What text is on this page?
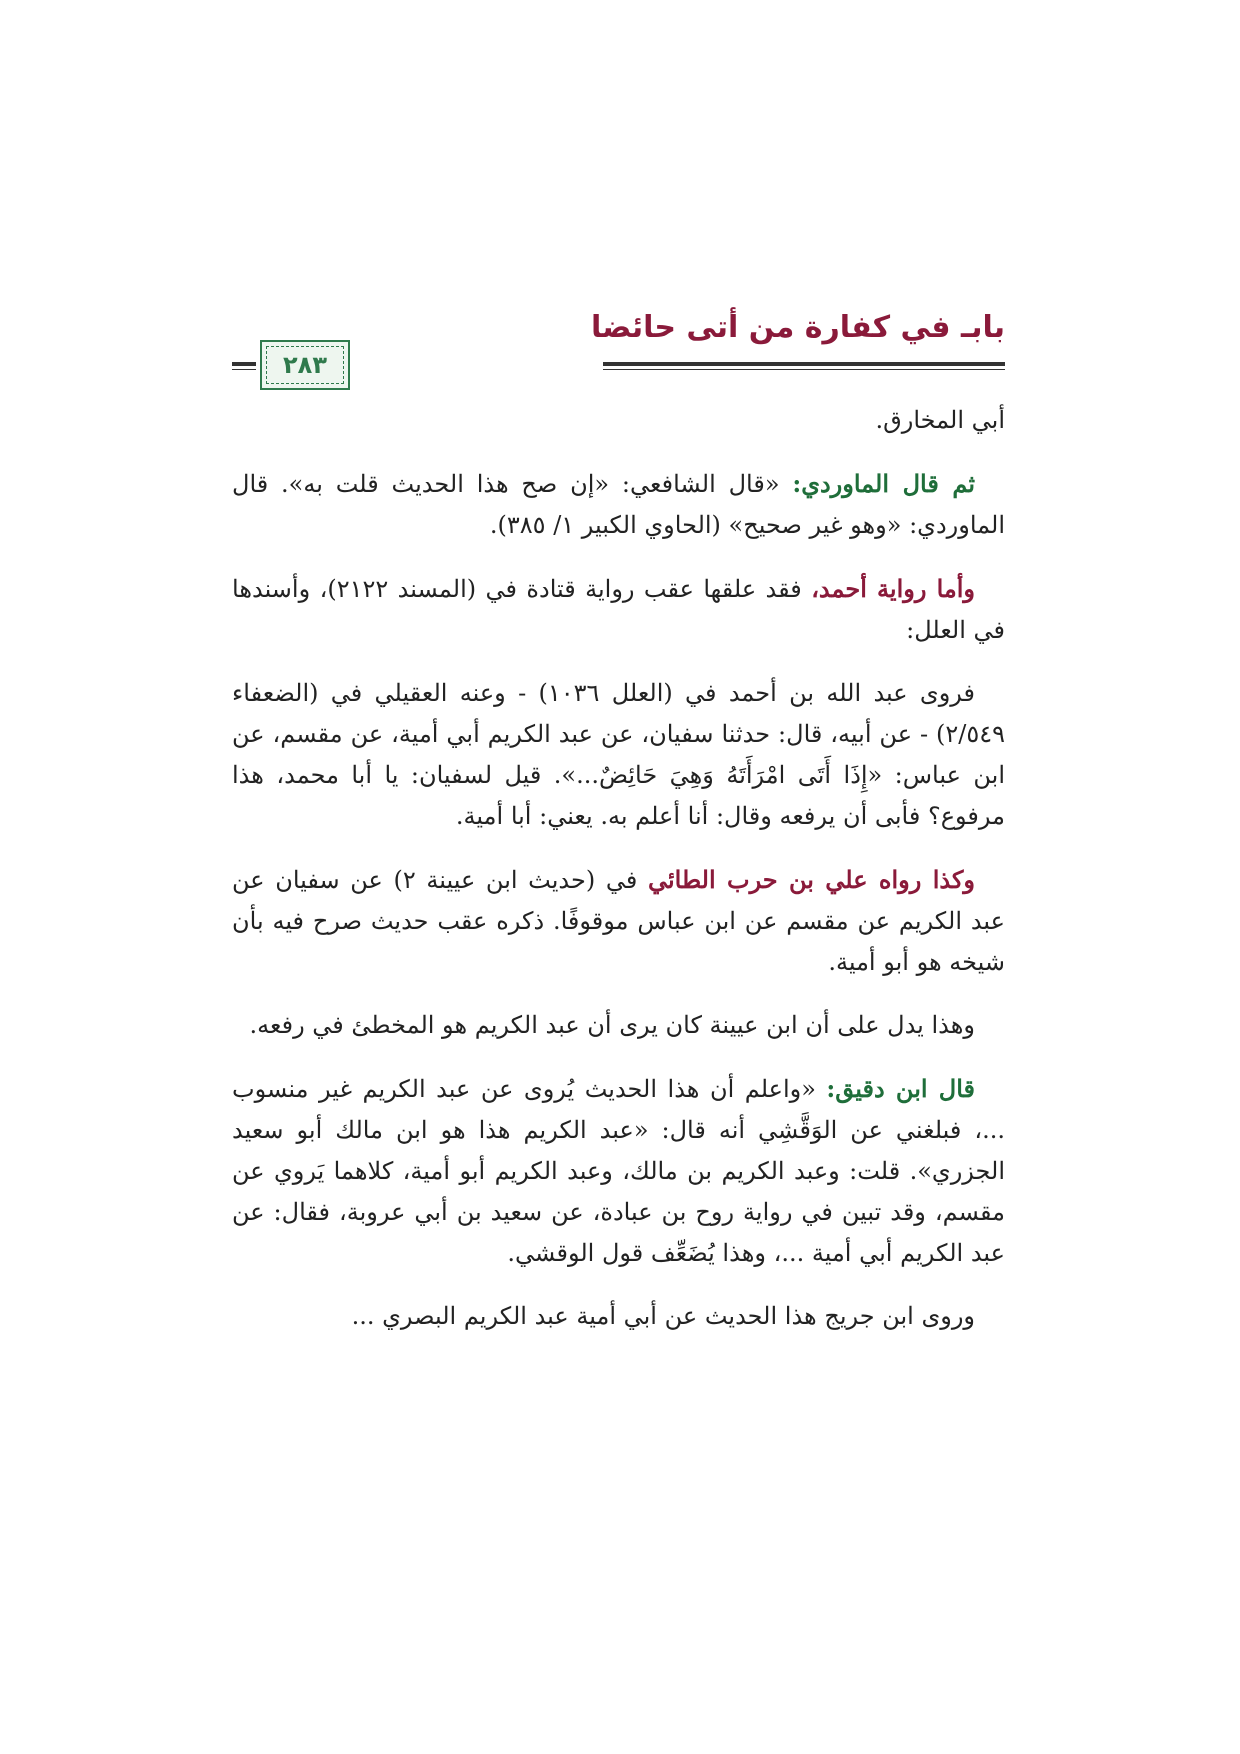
بابـ في كفارة من أتى حائضا
٢٨٣

أبي المخارق.

ثم قال الماوردي: «قال الشافعي: «إن صح هذا الحديث قلت به». قال الماوردي: «وهو غير صحيح» (الحاوي الكبير ١/ ٣٨٥).

وأما رواية أحمد، فقد علقها عقب رواية قتادة في (المسند ٢١٢٢)، وأسندها في العلل:

فروى عبد الله بن أحمد في (العلل ١٠٣٦) - وعنه العقيلي في (الضعفاء ٢/٥٤٩) - عن أبيه، قال: حدثنا سفيان، عن عبد الكريم أبي أمية، عن مقسم، عن ابن عباس: «إِذَا أَتَى امْرَأَتَهُ وَهِيَ حَائِضٌ...». قيل لسفيان: يا أبا محمد، هذا مرفوع؟ فأبى أن يرفعه وقال: أنا أعلم به. يعني: أبا أمية.

وكذا رواه علي بن حرب الطائي في (حديث ابن عيينة ٢) عن سفيان عن عبد الكريم عن مقسم عن ابن عباس موقوفًا. ذكره عقب حديث صرح فيه بأن شيخه هو أبو أمية.

وهذا يدل على أن ابن عيينة كان يرى أن عبد الكريم هو المخطئ في رفعه.

قال ابن دقيق: «واعلم أن هذا الحديث يُروى عن عبد الكريم غير منسوب ...، فبلغني عن الوَقَّشِي أنه قال: «عبد الكريم هذا هو ابن مالك أبو سعيد الجزري». قلت: وعبد الكريم بن مالك، وعبد الكريم أبو أمية، كلاهما يَروي عن مقسم، وقد تبين في رواية روح بن عبادة، عن سعيد بن أبي عروبة، فقال: عن عبد الكريم أبي أمية ...، وهذا يُضَعِّف قول الوقشي.

وروى ابن جريج هذا الحديث عن أبي أمية عبد الكريم البصري ...
